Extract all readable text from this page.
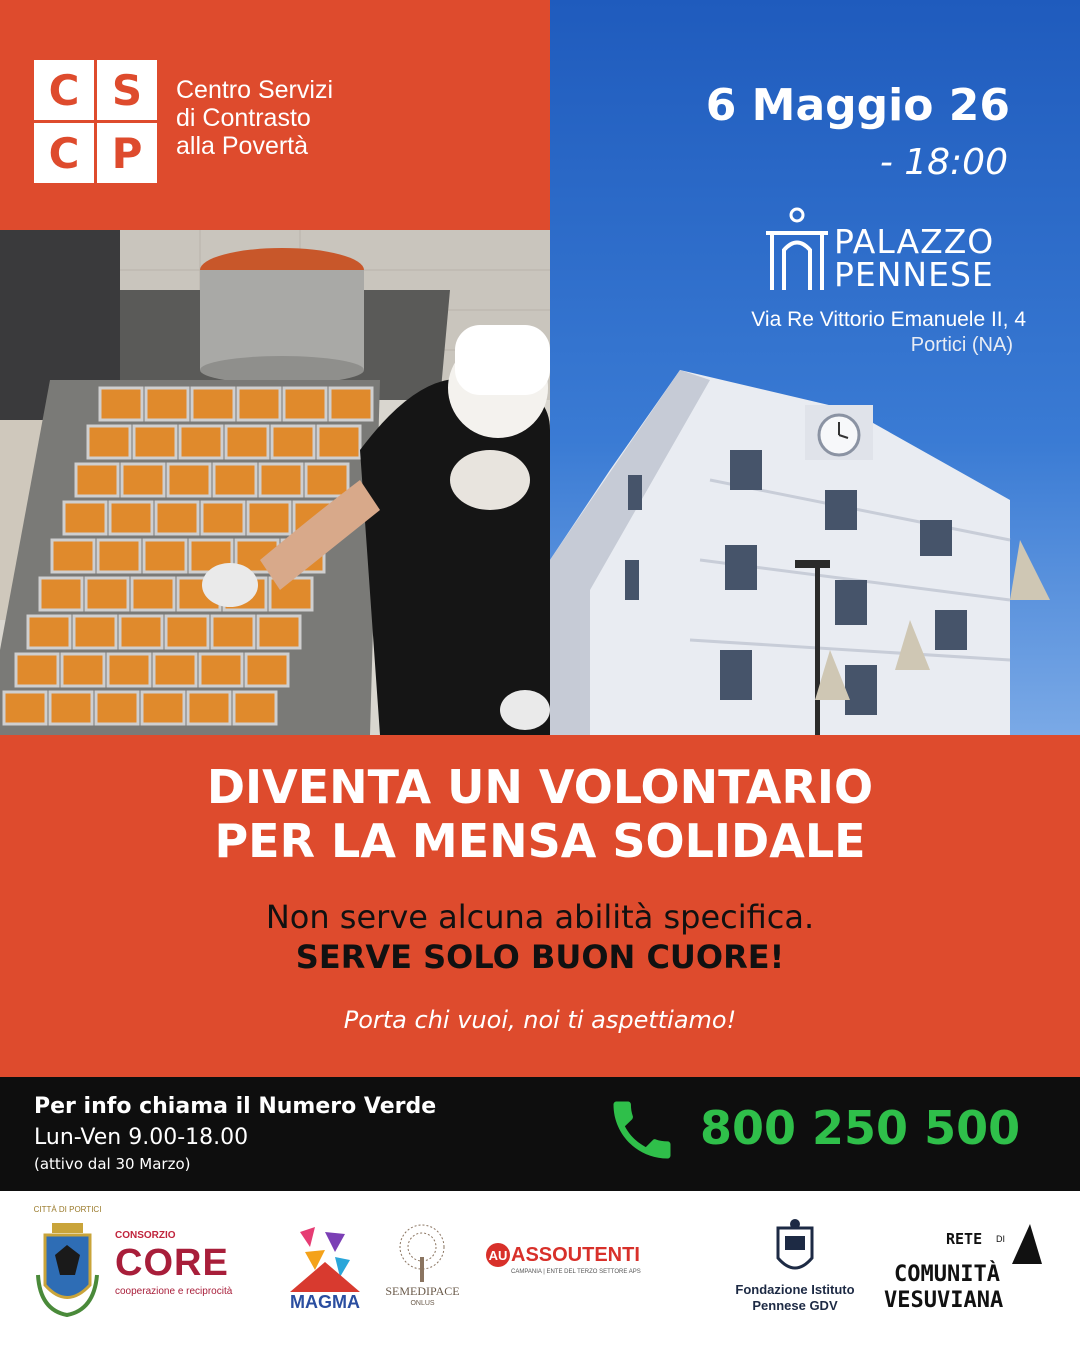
C S
C P
Centro Servizi
di Contrasto
alla Povertà
6 Maggio 26
- 18:00
PALAZZO
PENNESE
Via Re Vittorio Emanuele II, 4
Portici (NA)
DIVENTA UN VOLONTARIO
PER LA MENSA SOLIDALE
Non serve alcuna abilità specifica.
SERVE SOLO BUON CUORE!
Porta chi vuoi, noi ti aspettiamo!
Per info chiama il Numero Verde
Lun-Ven 9.00-18.00
(attivo dal 30 Marzo)
800 250 500
CITTÀ DI PORTICI
CONSORZIO
CORE
cooperazione e reciprocità
MAGMA
SEMEDIPACE
ONLUS
AU ASSOUTENTI
CAMPANIA | ENTE DEL TERZO SETTORE APS
Fondazione Istituto
Pennese GDV
RETE DI
COMUNITÀ
VESUVIANA
